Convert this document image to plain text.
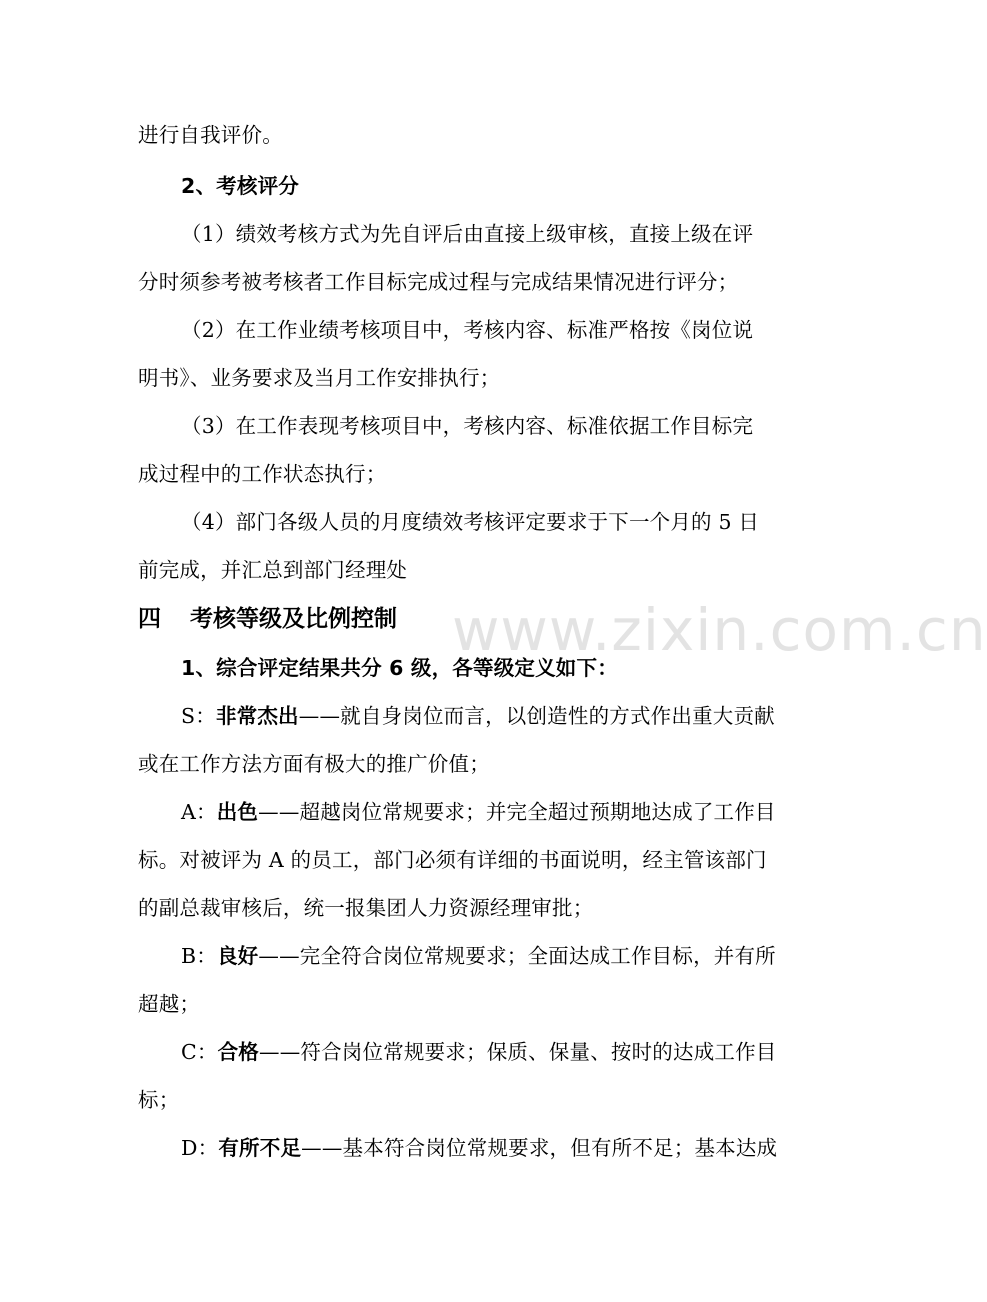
www.zixin.com.cn
进行自我评价。
2、考核评分
（1）绩效考核方式为先自评后由直接上级审核，直接上级在评
分时须参考被考核者工作目标完成过程与完成结果情况进行评分；
（2）在工作业绩考核项目中，考核内容、标准严格按《岗位说
明书》、业务要求及当月工作安排执行；
（3）在工作表现考核项目中，考核内容、标准依据工作目标完
成过程中的工作状态执行；
（4）部门各级人员的月度绩效考核评定要求于下一个月的 5 日
前完成，并汇总到部门经理处
四 考核等级及比例控制
1、综合评定结果共分 6 级，各等级定义如下：
S：非常杰出——就自身岗位而言，以创造性的方式作出重大贡献
或在工作方法方面有极大的推广价值；
A：出色——超越岗位常规要求；并完全超过预期地达成了工作目
标。对被评为 A 的员工，部门必须有详细的书面说明，经主管该部门
的副总裁审核后，统一报集团人力资源经理审批；
B：良好——完全符合岗位常规要求；全面达成工作目标，并有所
超越；
C：合格——符合岗位常规要求；保质、保量、按时的达成工作目
标；
D：有所不足——基本符合岗位常规要求，但有所不足；基本达成
